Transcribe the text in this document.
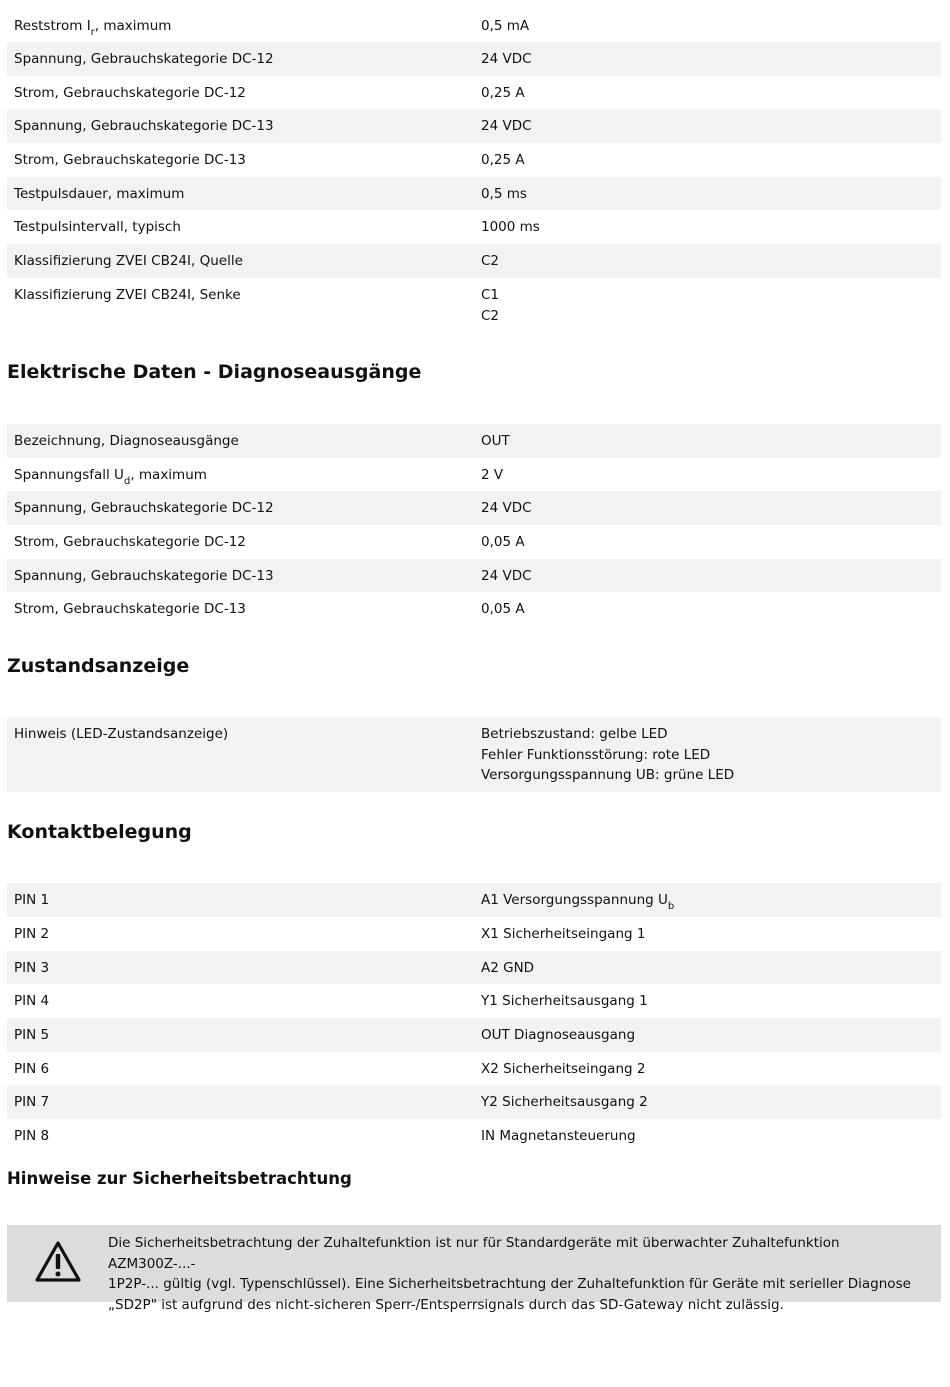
Reststrom $I_r$, maximum	0,5 mA
Spannung, Gebrauchskategorie DC-12	24 VDC
Strom, Gebrauchskategorie DC-12	0,25 A
Spannung, Gebrauchskategorie DC-13	24 VDC
Strom, Gebrauchskategorie DC-13	0,25 A
Testpulsdauer, maximum	0,5 ms
Testpulsintervall, typisch	1000 ms
Klassifizierung ZVEI CB24I, Quelle	C2
Klassifizierung ZVEI CB24I, Senke	C1
C2
Elektrische Daten - Diagnoseausgänge
Bezeichnung, Diagnoseausgänge	OUT
Spannungsfall $U_d$, maximum	2 V
Spannung, Gebrauchskategorie DC-12	24 VDC
Strom, Gebrauchskategorie DC-12	0,05 A
Spannung, Gebrauchskategorie DC-13	24 VDC
Strom, Gebrauchskategorie DC-13	0,05 A
Zustandsanzeige
Hinweis (LED-Zustandsanzeige)	Betriebszustand: gelbe LED
Fehler Funktionsstörung: rote LED
Versorgungsspannung UB: grüne LED
Kontaktbelegung
PIN 1	A1 Versorgungsspannung $U_b$
PIN 2	X1 Sicherheitseingang 1
PIN 3	A2 GND
PIN 4	Y1 Sicherheitsausgang 1
PIN 5	OUT Diagnoseausgang
PIN 6	X2 Sicherheitseingang 2
PIN 7	Y2 Sicherheitsausgang 2
PIN 8	IN Magnetansteuerung
Hinweise zur Sicherheitsbetrachtung
Die Sicherheitsbetrachtung der Zuhaltefunktion ist nur für Standardgeräte mit überwachter Zuhaltefunktion AZM300Z-...-
1P2P-... gültig (vgl. Typenschlüssel). Eine Sicherheitsbetrachtung der Zuhaltefunktion für Geräte mit serieller Diagnose
„SD2P" ist aufgrund des nicht-sicheren Sperr-/Entsperrsignals durch das SD-Gateway nicht zulässig.
